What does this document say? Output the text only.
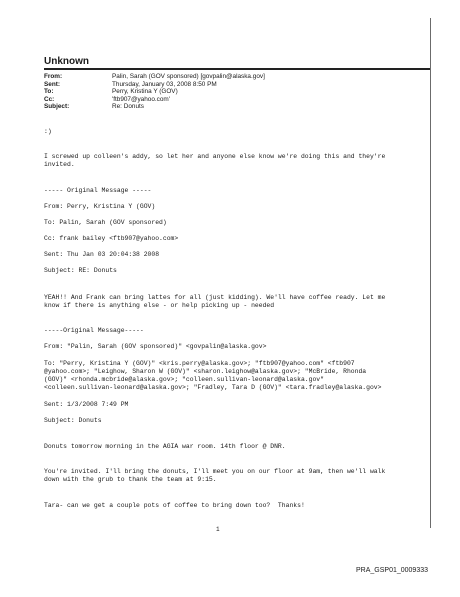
Unknown
From:	Palin, Sarah (GOV sponsored) [govpalin@alaska.gov]
Sent:	Thursday, January 03, 2008 8:50 PM
To:	Perry, Kristina Y (GOV)
Cc:	'ftb907@yahoo.com'
Subject:	Re: Donuts
:)
I screwed up colleen's addy, so let her and anyone else know we're doing this and they're
invited.
----- Original Message -----
From: Perry, Kristina Y (GOV)
To: Palin, Sarah (GOV sponsored)
Cc: frank bailey <ftb907@yahoo.com>
Sent: Thu Jan 03 20:04:38 2008
Subject: RE: Donuts
YEAH!! And Frank can bring lattes for all (just kidding). We'll have coffee ready. Let me
know if there is anything else - or help picking up - needed
-----Original Message-----
From: "Palin, Sarah (GOV sponsored)" <govpalin@alaska.gov>
To: "Perry, Kristina Y (GOV)" <kris.perry@alaska.gov>; "ftb907@yahoo.com" <ftb907
@yahoo.com>; "Leighow, Sharon W (GOV)" <sharon.leighow@alaska.gov>; "McBride, Rhonda
(GOV)" <rhonda.mcbride@alaska.gov>; "colleen.sullivan-leonard@alaska.gov"
<colleen.sullivan-leonard@alaska.gov>; "Fradley, Tara D (GOV)" <tara.fradley@alaska.gov>
Sent: 1/3/2008 7:49 PM
Subject: Donuts
Donuts tomorrow morning in the AGIA war room. 14th floor @ DNR.
You're invited. I'll bring the donuts, I'll meet you on our floor at 9am, then we'll walk
down with the grub to thank the team at 9:15.
Tara- can we get a couple pots of coffee to bring down too?  Thanks!
1
PRA_GSP01_0009333
